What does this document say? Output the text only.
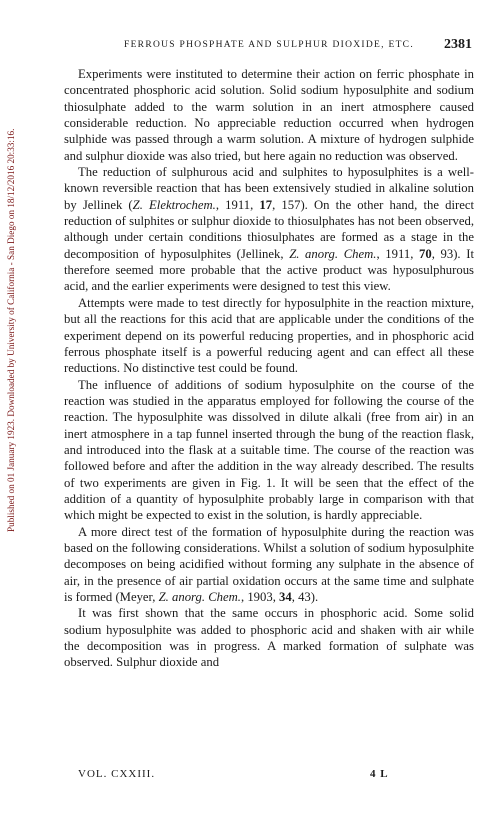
Published on 01 January 1923. Downloaded by University of California - San Diego on 18/12/2016 20:33:16.
FERROUS PHOSPHATE AND SULPHUR DIOXIDE, ETC. 2381

Experiments were instituted to determine their action on ferric phosphate in concentrated phosphoric acid solution. Solid sodium hyposulphite and sodium thiosulphate added to the warm solution in an inert atmosphere caused considerable reduction. No appreciable reduction occurred when hydrogen sulphide was passed through a warm solution. A mixture of hydrogen sulphide and sulphur dioxide was also tried, but here again no reduction was observed.

The reduction of sulphurous acid and sulphites to hyposulphites is a well-known reversible reaction that has been extensively studied in alkaline solution by Jellinek (Z. Elektrochem., 1911, 17, 157). On the other hand, the direct reduction of sulphites or sulphur dioxide to thiosulphates has not been observed, although under certain conditions thiosulphates are formed as a stage in the decomposition of hyposulphites (Jellinek, Z. anorg. Chem., 1911, 70, 93). It therefore seemed more probable that the active product was hyposulphurous acid, and the earlier experiments were designed to test this view.

Attempts were made to test directly for hyposulphite in the reaction mixture, but all the reactions for this acid that are applicable under the conditions of the experiment depend on its powerful reducing properties, and in phosphoric acid ferrous phosphate itself is a powerful reducing agent and can effect all these reductions. No distinctive test could be found.

The influence of additions of sodium hyposulphite on the course of the reaction was studied in the apparatus employed for following the course of the reaction. The hyposulphite was dissolved in dilute alkali (free from air) in an inert atmosphere in a tap funnel inserted through the bung of the reaction flask, and introduced into the flask at a suitable time. The course of the reaction was followed before and after the addition in the way already described. The results of two experiments are given in Fig. 1. It will be seen that the effect of the addition of a quantity of hyposulphite probably large in comparison with that which might be expected to exist in the solution, is hardly appreciable.

A more direct test of the formation of hyposulphite during the reaction was based on the following considerations. Whilst a solution of sodium hyposulphite decomposes on being acidified without forming any sulphate in the absence of air, in the presence of air partial oxidation occurs at the same time and sulphate is formed (Meyer, Z. anorg. Chem., 1903, 34, 43).

It was first shown that the same occurs in phosphoric acid. Some solid sodium hyposulphite was added to phosphoric acid and shaken with air while the decomposition was in progress. A marked formation of sulphate was observed. Sulphur dioxide and

VOL. CXXIII.	4 L
